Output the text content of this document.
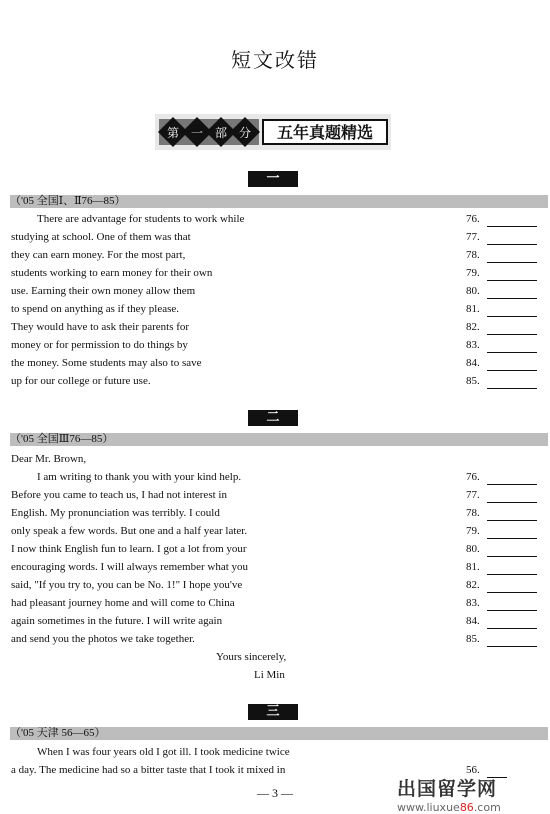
短文改错
第 一 部 分 五年真题精选
一
（'05 全国Ⅰ、Ⅱ76—85）
There are advantage for students to work while	76.
studying at school. One of them was that	77.
they can earn money. For the most part,	78.
students working to earn money for their own	79.
use. Earning their own money allow them	80.
to spend on anything as if they please.	81.
They would have to ask their parents for	82.
money or for permission to do things by	83.
the money. Some students may also to save	84.
up for our college or future use.	85.
二
（'05 全国Ⅲ76—85）
Dear Mr. Brown,
I am writing to thank you with your kind help.	76.
Before you came to teach us, I had not interest in	77.
English. My pronunciation was terribly. I could	78.
only speak a few words. But one and a half year later.	79.
I now think English fun to learn. I got a lot from your	80.
encouraging words. I will always remember what you	81.
said, "If you try to, you can be No. 1!" I hope you've	82.
had pleasant journey home and will come to China	83.
again sometimes in the future. I will write again	84.
and send you the photos we take together.	85.
Yours sincerely,
Li Min
三
（'05 天津 56—65）
When I was four years old I got ill. I took medicine twice
a day. The medicine had so a bitter taste that I took it mixed in	56.
— 3 —	出国留学网
www.liuxue86.com
